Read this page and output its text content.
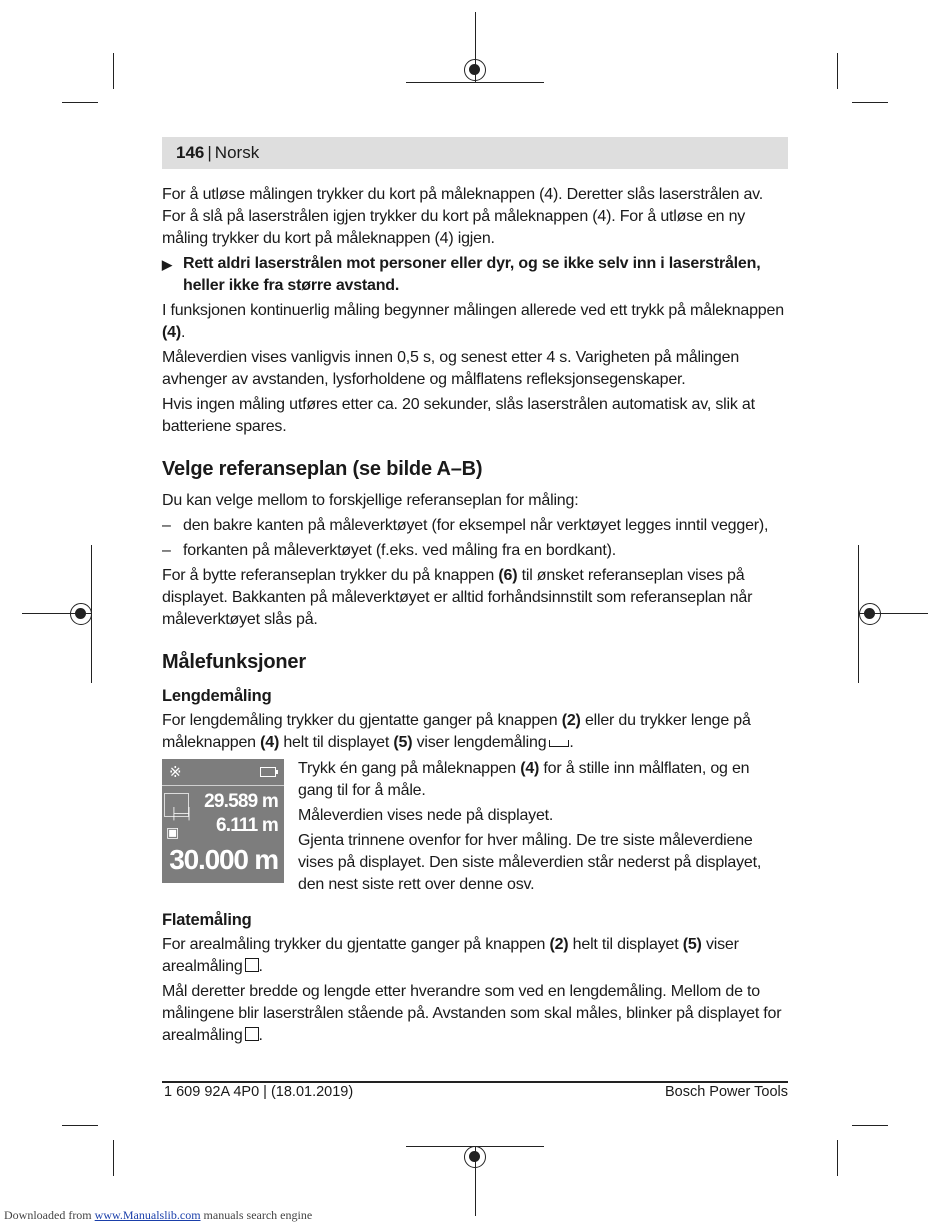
146 | Norsk

For å utløse målingen trykker du kort på måleknappen (4). Deretter slås laserstrålen av. For å slå på laserstrålen igjen trykker du kort på måleknappen (4). For å utløse en ny måling trykker du kort på måleknappen (4) igjen.

▶ Rett aldri laserstrålen mot personer eller dyr, og se ikke selv inn i laserstrålen, heller ikke fra større avstand.

I funksjonen kontinuerlig måling begynner målingen allerede ved ett trykk på måleknappen (4).

Måleverdien vises vanligvis innen 0,5 s, og senest etter 4 s. Varigheten på målingen avhenger av avstanden, lysforholdene og målflatens refleksjonsegenskaper.

Hvis ingen måling utføres etter ca. 20 sekunder, slås laserstrålen automatisk av, slik at batteriene spares.

Velge referanseplan (se bilde A–B)

Du kan velge mellom to forskjellige referanseplan for måling:

– den bakre kanten på måleverktøyet (for eksempel når verktøyet legges inntil vegger),
– forkanten på måleverktøyet (f.eks. ved måling fra en bordkant).

For å bytte referanseplan trykker du på knappen (6) til ønsket referanseplan vises på displayet. Bakkanten på måleverktøyet er alltid forhåndsinnstilt som referanseplan når måleverktøyet slås på.

Målefunksjoner
Lengdemåling

For lengdemåling trykker du gjentatte ganger på knappen (2) eller du trykker lenge på måleknappen (4) helt til displayet (5) viser lengdemåling .

※
├─┤
▣
29.589 m
6.111 m
30.000 m

Trykk én gang på måleknappen (4) for å stille inn målflaten, og en gang til for å måle.

Måleverdien vises nede på displayet.

Gjenta trinnene ovenfor for hver måling. De tre siste måleverdiene vises på displayet. Den siste måleverdien står nederst på displayet, den nest siste rett over denne osv.

Flatemåling

For arealmåling trykker du gjentatte ganger på knappen (2) helt til displayet (5) viser arealmåling .

Mål deretter bredde og lengde etter hverandre som ved en lengdemåling. Mellom de to målingene blir laserstrålen stående på. Avstanden som skal måles, blinker på displayet for arealmåling .

1 609 92A 4P0 | (18.01.2019)	Bosch Power Tools
Downloaded from www.Manualslib.com manuals search engine
